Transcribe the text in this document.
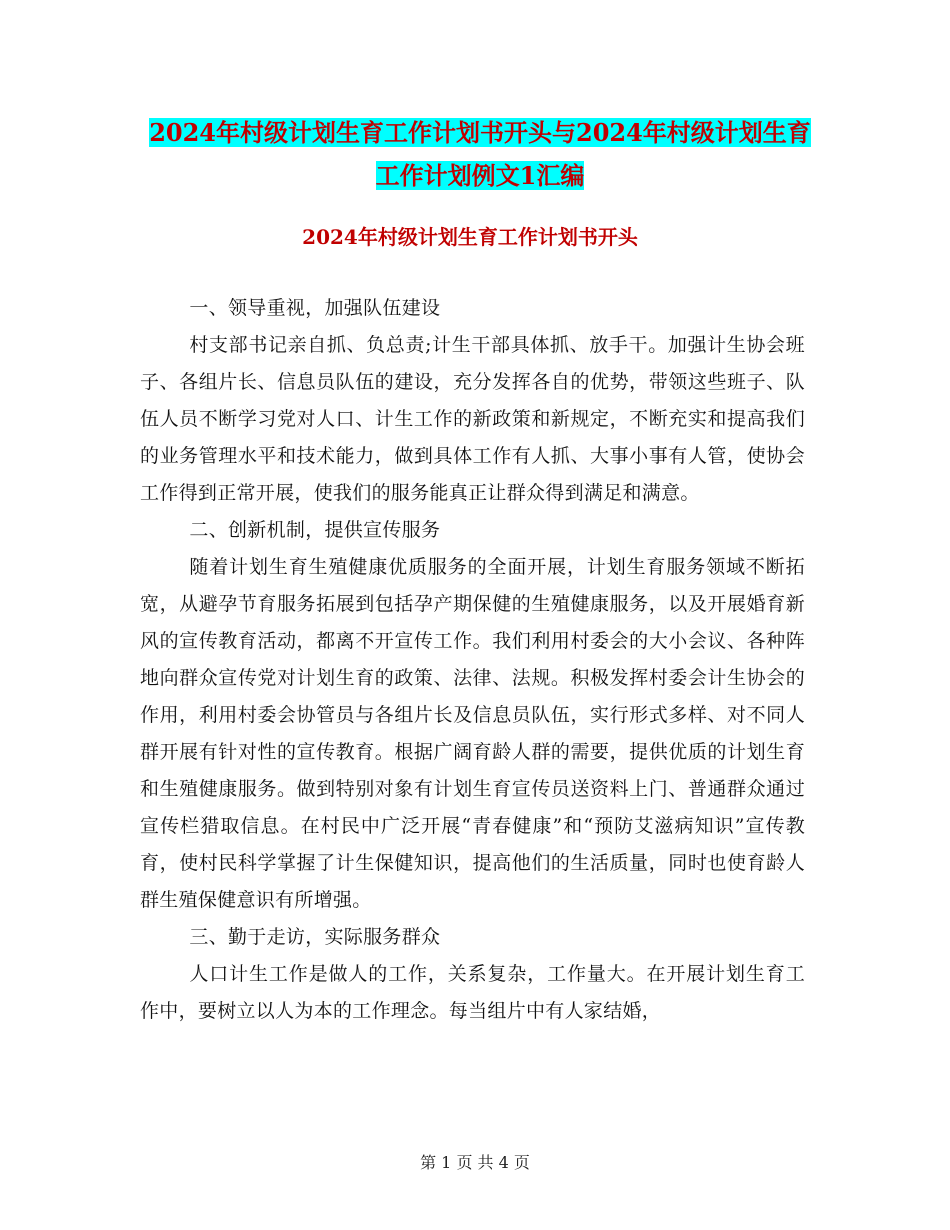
2024年村级计划生育工作计划书开头与2024年村级计划生育工作计划例文1汇编
2024年村级计划生育工作计划书开头

一、领导重视，加强队伍建设

村支部书记亲自抓、负总责;计生干部具体抓、放手干。加强计生协会班子、各组片长、信息员队伍的建设，充分发挥各自的优势，带领这些班子、队伍人员不断学习党对人口、计生工作的新政策和新规定，不断充实和提高我们的业务管理水平和技术能力，做到具体工作有人抓、大事小事有人管，使协会工作得到正常开展，使我们的服务能真正让群众得到满足和满意。

二、创新机制，提供宣传服务

随着计划生育生殖健康优质服务的全面开展，计划生育服务领域不断拓宽，从避孕节育服务拓展到包括孕产期保健的生殖健康服务，以及开展婚育新风的宣传教育活动，都离不开宣传工作。我们利用村委会的大小会议、各种阵地向群众宣传党对计划生育的政策、法律、法规。积极发挥村委会计生协会的作用，利用村委会协管员与各组片长及信息员队伍，实行形式多样、对不同人群开展有针对性的宣传教育。根据广阔育龄人群的需要，提供优质的计划生育和生殖健康服务。做到特别对象有计划生育宣传员送资料上门、普通群众通过宣传栏猎取信息。在村民中广泛开展“青春健康”和“预防艾滋病知识”宣传教育，使村民科学掌握了计生保健知识，提高他们的生活质量，同时也使育龄人群生殖保健意识有所增强。

三、勤于走访，实际服务群众

人口计生工作是做人的工作，关系复杂，工作量大。在开展计划生育工作中，要树立以人为本的工作理念。每当组片中有人家结婚，

第 1 页 共 4 页
